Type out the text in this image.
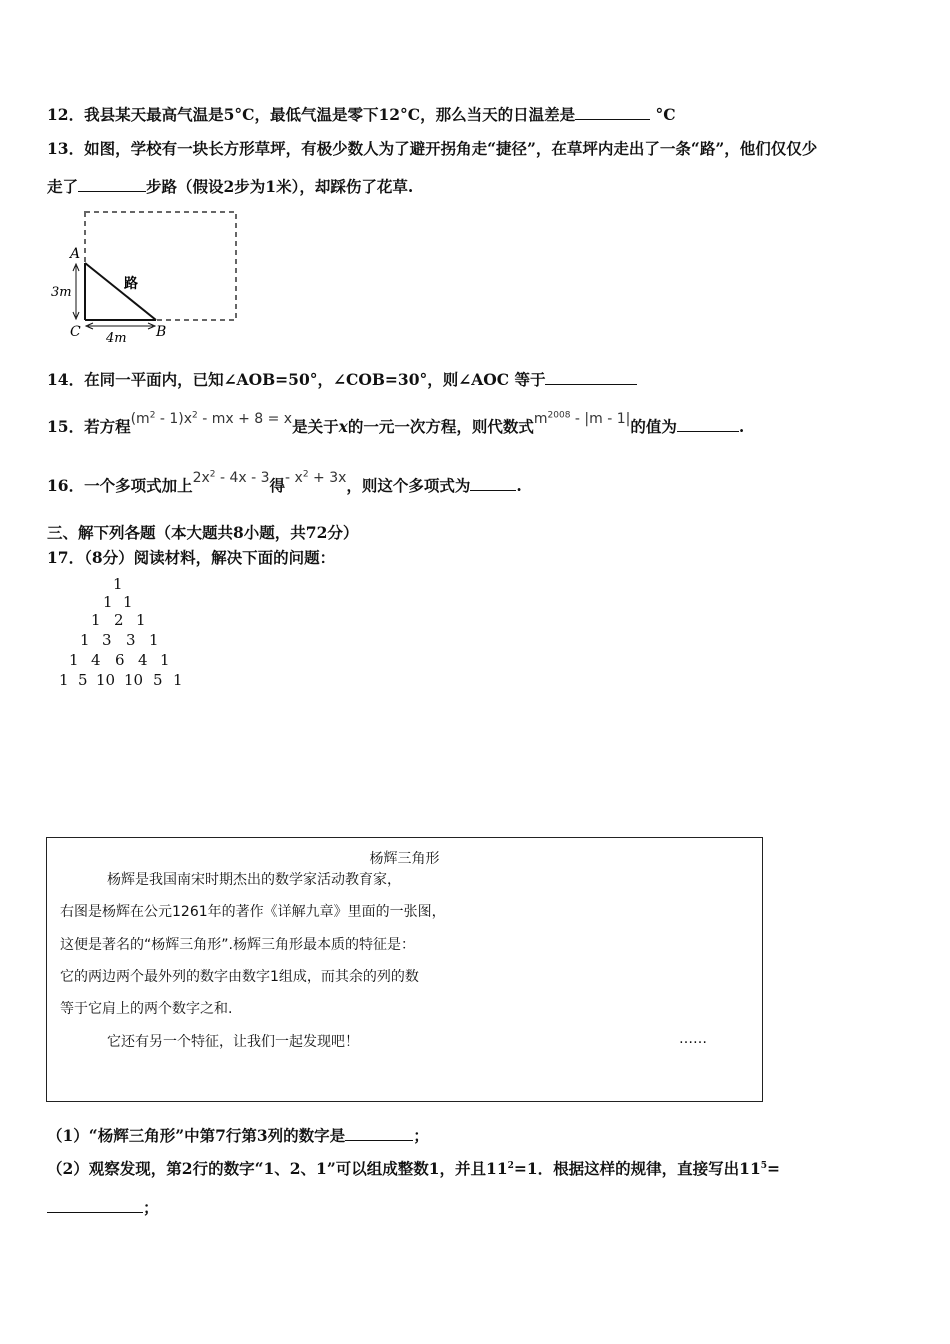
12．我县某天最高气温是5°C，最低气温是零下12°C，那么当天的日温差是	°C
13．如图，学校有一块长方形草坪，有极少数人为了避开拐角走“捷径”，在草坪内走出了一条“路”，他们仅仅少
走了	步路（假设2步为1米），却踩伤了花草.
A
C	B
3m
4m
路
14．在同一平面内，已知∠AOB=50°，∠COB=30°，则∠AOC 等于
15．若方程$(m^2 - 1)x^2$ - mx + 8 = x是关于x的一元一次方程，则代数式$m^{2008} - |m - 1|$的值为	.
16．一个多项式加上$2x^2 - 4x - 3$得- $x^2 + 3x$，则这个多项式为	.
三、解下列各题（本大题共8小题，共72分）
17．（8分）阅读材料，解决下面的问题：
1
1 1
1 2 1
1 3 3 1
1 4 6 4 1
1 5 10 10 5 1
杨辉三角形
杨辉是我国南宋时期杰出的数学家活动教育家，
右图是杨辉在公元1261年的著作《详解九章》里面的一张图，
这便是著名的“杨辉三角形”.杨辉三角形最本质的特征是：
它的两边两个最外列的数字由数字1组成，而其余的列的数
等于它肩上的两个数字之和.
它还有另一个特征，让我们一起发现吧！	……
（1）“杨辉三角形”中第7行第3列的数字是	；
（2）观察发现，第2行的数字“1、2、1”可以组成整数1，并且$11^2=1$．根据这样的规律，直接写出$11^5=$
；
